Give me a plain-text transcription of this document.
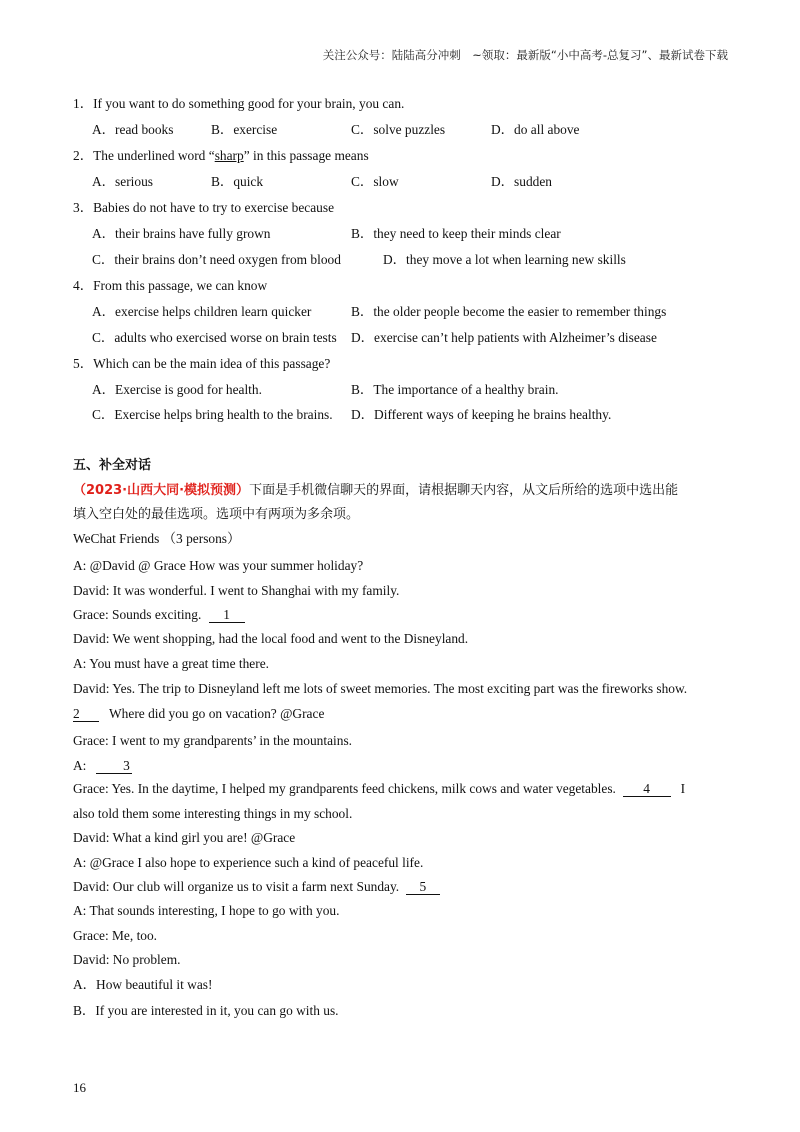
关注公众号：陆陆高分冲刺　~领取：最新版“小中高考-总复习”、最新试卷下载
1．If you want to do something good for your brain, you can.
A．read books	B．exercise	C．solve puzzles	D．do all above
2．The underlined word “sharp” in this passage means
A．serious	B．quick	C．slow	D．sudden
3．Babies do not have to try to exercise because
A．their brains have fully grown	B．they need to keep their minds clear
C．their brains don’t need oxygen from blood	D．they move a lot when learning new skills
4．From this passage, we can know
A．exercise helps children learn quicker	B．the older people become the easier to remember things
C．adults who exercised worse on brain tests D．exercise can’t help patients with Alzheimer’s disease
5．Which can be the main idea of this passage?
A．Exercise is good for health.	B．The importance of a healthy brain.
C．Exercise helps bring health to the brains. D．Different ways of keeping he brains healthy.
五、补全对话
（2023·山西大同·模拟预测）下面是手机微信聊天的界面，请根据聊天内容，从文后所给的选项中选出能
填入空白处的最佳选项。选项中有两项为多余项。
WeChat Friends （3 persons）
A: @David @ Grace How was your summer holiday?
David: It was wonderful. I went to Shanghai with my family.
Grace: Sounds exciting. 1
David: We went shopping, had the local food and went to the Disneyland.
A: You must have a great time there.
David: Yes. The trip to Disneyland left me lots of sweet memories. The most exciting part was the fireworks show.
2 Where did you go on vacation? @Grace
Grace: I went to my grandparents’ in the mountains.
A:	3
Grace: Yes. In the daytime, I helped my grandparents feed chickens, milk cows and water vegetables. 4 I
also told them some interesting things in my school.
David: What a kind girl you are! @Grace
A: @Grace I also hope to experience such a kind of peaceful life.
David: Our club will organize us to visit a farm next Sunday. 5
A: That sounds interesting, I hope to go with you.
Grace: Me, too.
David: No problem.
A．How beautiful it was!
B．If you are interested in it, you can go with us.
16
